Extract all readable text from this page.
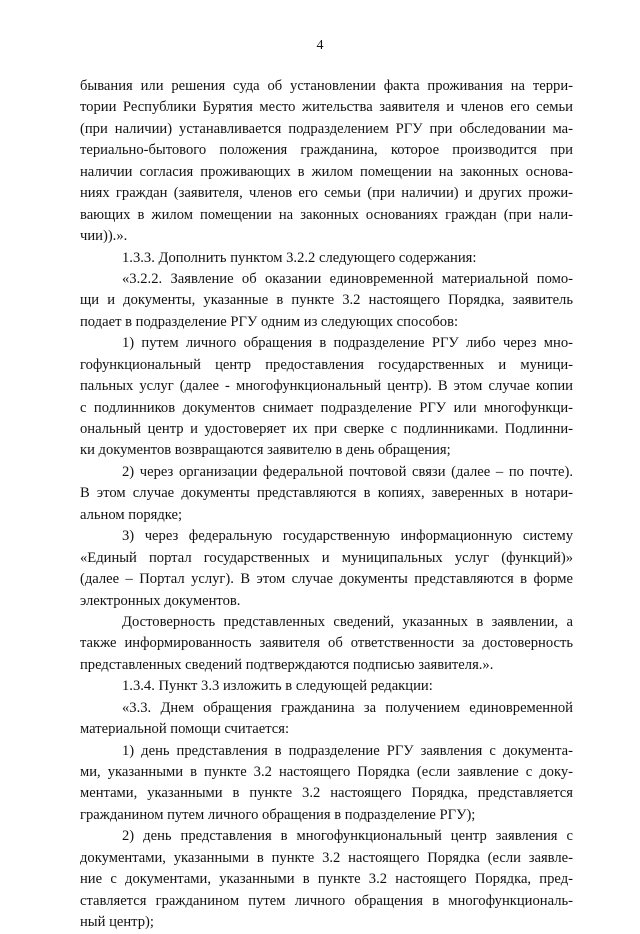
4
бывания или решения суда об установлении факта проживания на терри-
тории Республики Бурятия место жительства заявителя и членов его семьи
(при наличии) устанавливается подразделением РГУ при обследовании ма-
териально-бытового положения гражданина, которое производится при
наличии согласия проживающих в жилом помещении на законных основа-
ниях граждан (заявителя, членов его семьи (при наличии) и других прожи-
вающих в жилом помещении на законных основаниях граждан (при нали-
чии)).».
1.3.3. Дополнить пунктом 3.2.2 следующего содержания:
«3.2.2. Заявление об оказании единовременной материальной помо-
щи и документы, указанные в пункте 3.2 настоящего Порядка, заявитель
подает в подразделение РГУ одним из следующих способов:
1) путем личного обращения в подразделение РГУ либо через мно-
гофункциональный центр предоставления государственных и муници-
пальных услуг (далее - многофункциональный центр). В этом случае копии
с подлинников документов снимает подразделение РГУ или многофункци-
ональный центр и удостоверяет их при сверке с подлинниками. Подлинни-
ки документов возвращаются заявителю в день обращения;
2) через организации федеральной почтовой связи (далее – по почте).
В этом случае документы представляются в копиях, заверенных в нотари-
альном порядке;
3) через федеральную государственную информационную систему
«Единый портал государственных и муниципальных услуг (функций)»
(далее – Портал услуг). В этом случае документы представляются в форме
электронных документов.
Достоверность представленных сведений, указанных в заявлении, а
также информированность заявителя об ответственности за достоверность
представленных сведений подтверждаются подписью заявителя.».
1.3.4. Пункт 3.3 изложить в следующей редакции:
«3.3. Днем обращения гражданина за получением единовременной
материальной помощи считается:
1) день представления в подразделение РГУ заявления с документа-
ми, указанными в пункте 3.2 настоящего Порядка (если заявление с доку-
ментами, указанными в пункте 3.2 настоящего Порядка, представляется
гражданином путем личного обращения в подразделение РГУ);
2) день представления в многофункциональный центр заявления с
документами, указанными в пункте 3.2 настоящего Порядка (если заявле-
ние с документами, указанными в пункте 3.2 настоящего Порядка, пред-
ставляется гражданином путем личного обращения в многофункциональ-
ный центр);
